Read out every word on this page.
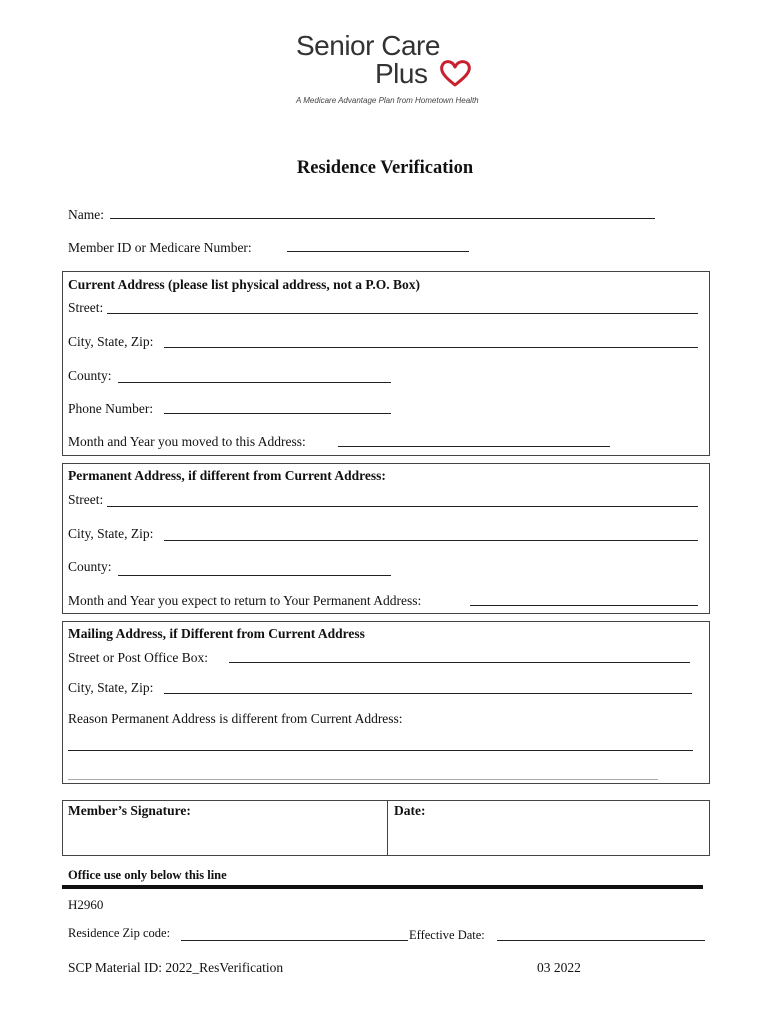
Senior Care
Plus
A Medicare Advantage Plan from Hometown Health
Residence Verification
Name:
Member ID or Medicare Number:
Current Address (please list physical address, not a P.O. Box)
Street:
City, State, Zip:
County:
Phone Number:
Month and Year you moved to this Address:
Permanent Address, if different from Current Address:
Street:
City, State, Zip:
County:
Month and Year you expect to return to Your Permanent Address:
Mailing Address, if Different from Current Address
Street or Post Office Box:
City, State, Zip:
Reason Permanent Address is different from Current Address:
Member’s Signature:	Date:
Office use only below this line
H2960
Residence Zip code:	Effective Date:
SCP Material ID: 2022_ResVerification	03 2022
